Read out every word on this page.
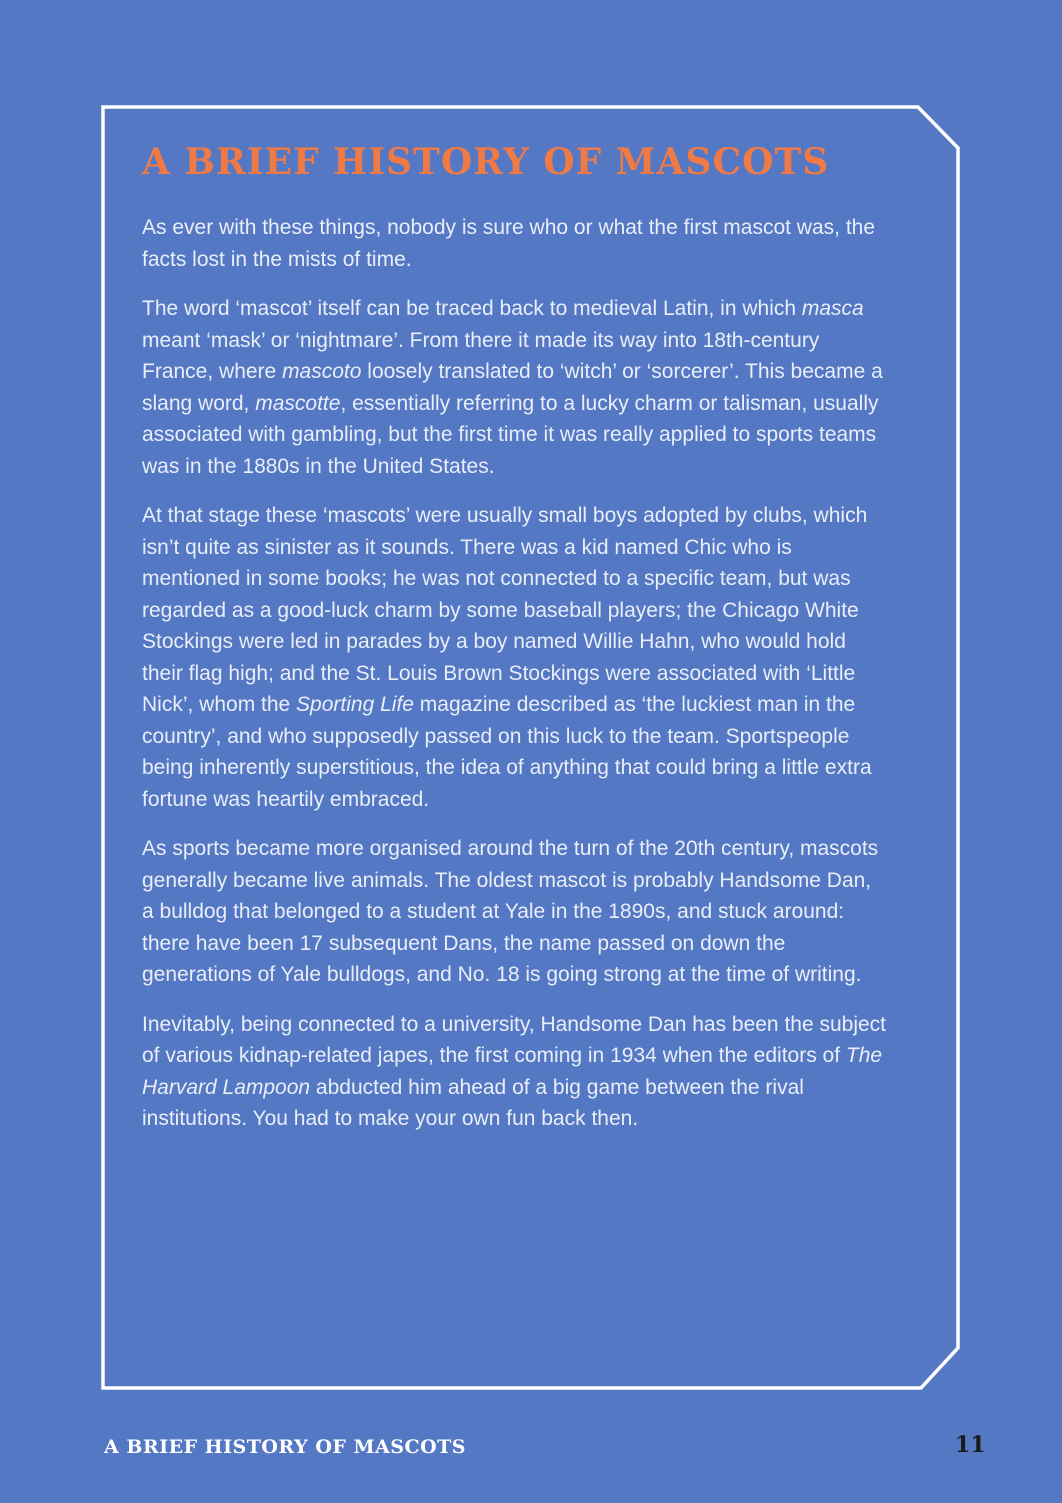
A BRIEF HISTORY OF MASCOTS

As ever with these things, nobody is sure who or what the first mascot was, the facts lost in the mists of time.

The word ‘mascot’ itself can be traced back to medieval Latin, in which masca meant ‘mask’ or ‘nightmare’. From there it made its way into 18th-century France, where mascoto loosely translated to ‘witch’ or ‘sorcerer’. This became a slang word, mascotte, essentially referring to a lucky charm or talisman, usually associated with gambling, but the first time it was really applied to sports teams was in the 1880s in the United States.

At that stage these ‘mascots’ were usually small boys adopted by clubs, which isn’t quite as sinister as it sounds. There was a kid named Chic who is mentioned in some books; he was not connected to a specific team, but was regarded as a good-luck charm by some baseball players; the Chicago White Stockings were led in parades by a boy named Willie Hahn, who would hold their flag high; and the St. Louis Brown Stockings were associated with ‘Little Nick’, whom the Sporting Life magazine described as ‘the luckiest man in the country’, and who supposedly passed on this luck to the team. Sportspeople being inherently superstitious, the idea of anything that could bring a little extra fortune was heartily embraced.

As sports became more organised around the turn of the 20th century, mascots generally became live animals. The oldest mascot is probably Handsome Dan, a bulldog that belonged to a student at Yale in the 1890s, and stuck around: there have been 17 subsequent Dans, the name passed on down the generations of Yale bulldogs, and No. 18 is going strong at the time of writing.

Inevitably, being connected to a university, Handsome Dan has been the subject of various kidnap-related japes, the first coming in 1934 when the editors of The Harvard Lampoon abducted him ahead of a big game between the rival institutions. You had to make your own fun back then.

A BRIEF HISTORY OF MASCOTS	11
